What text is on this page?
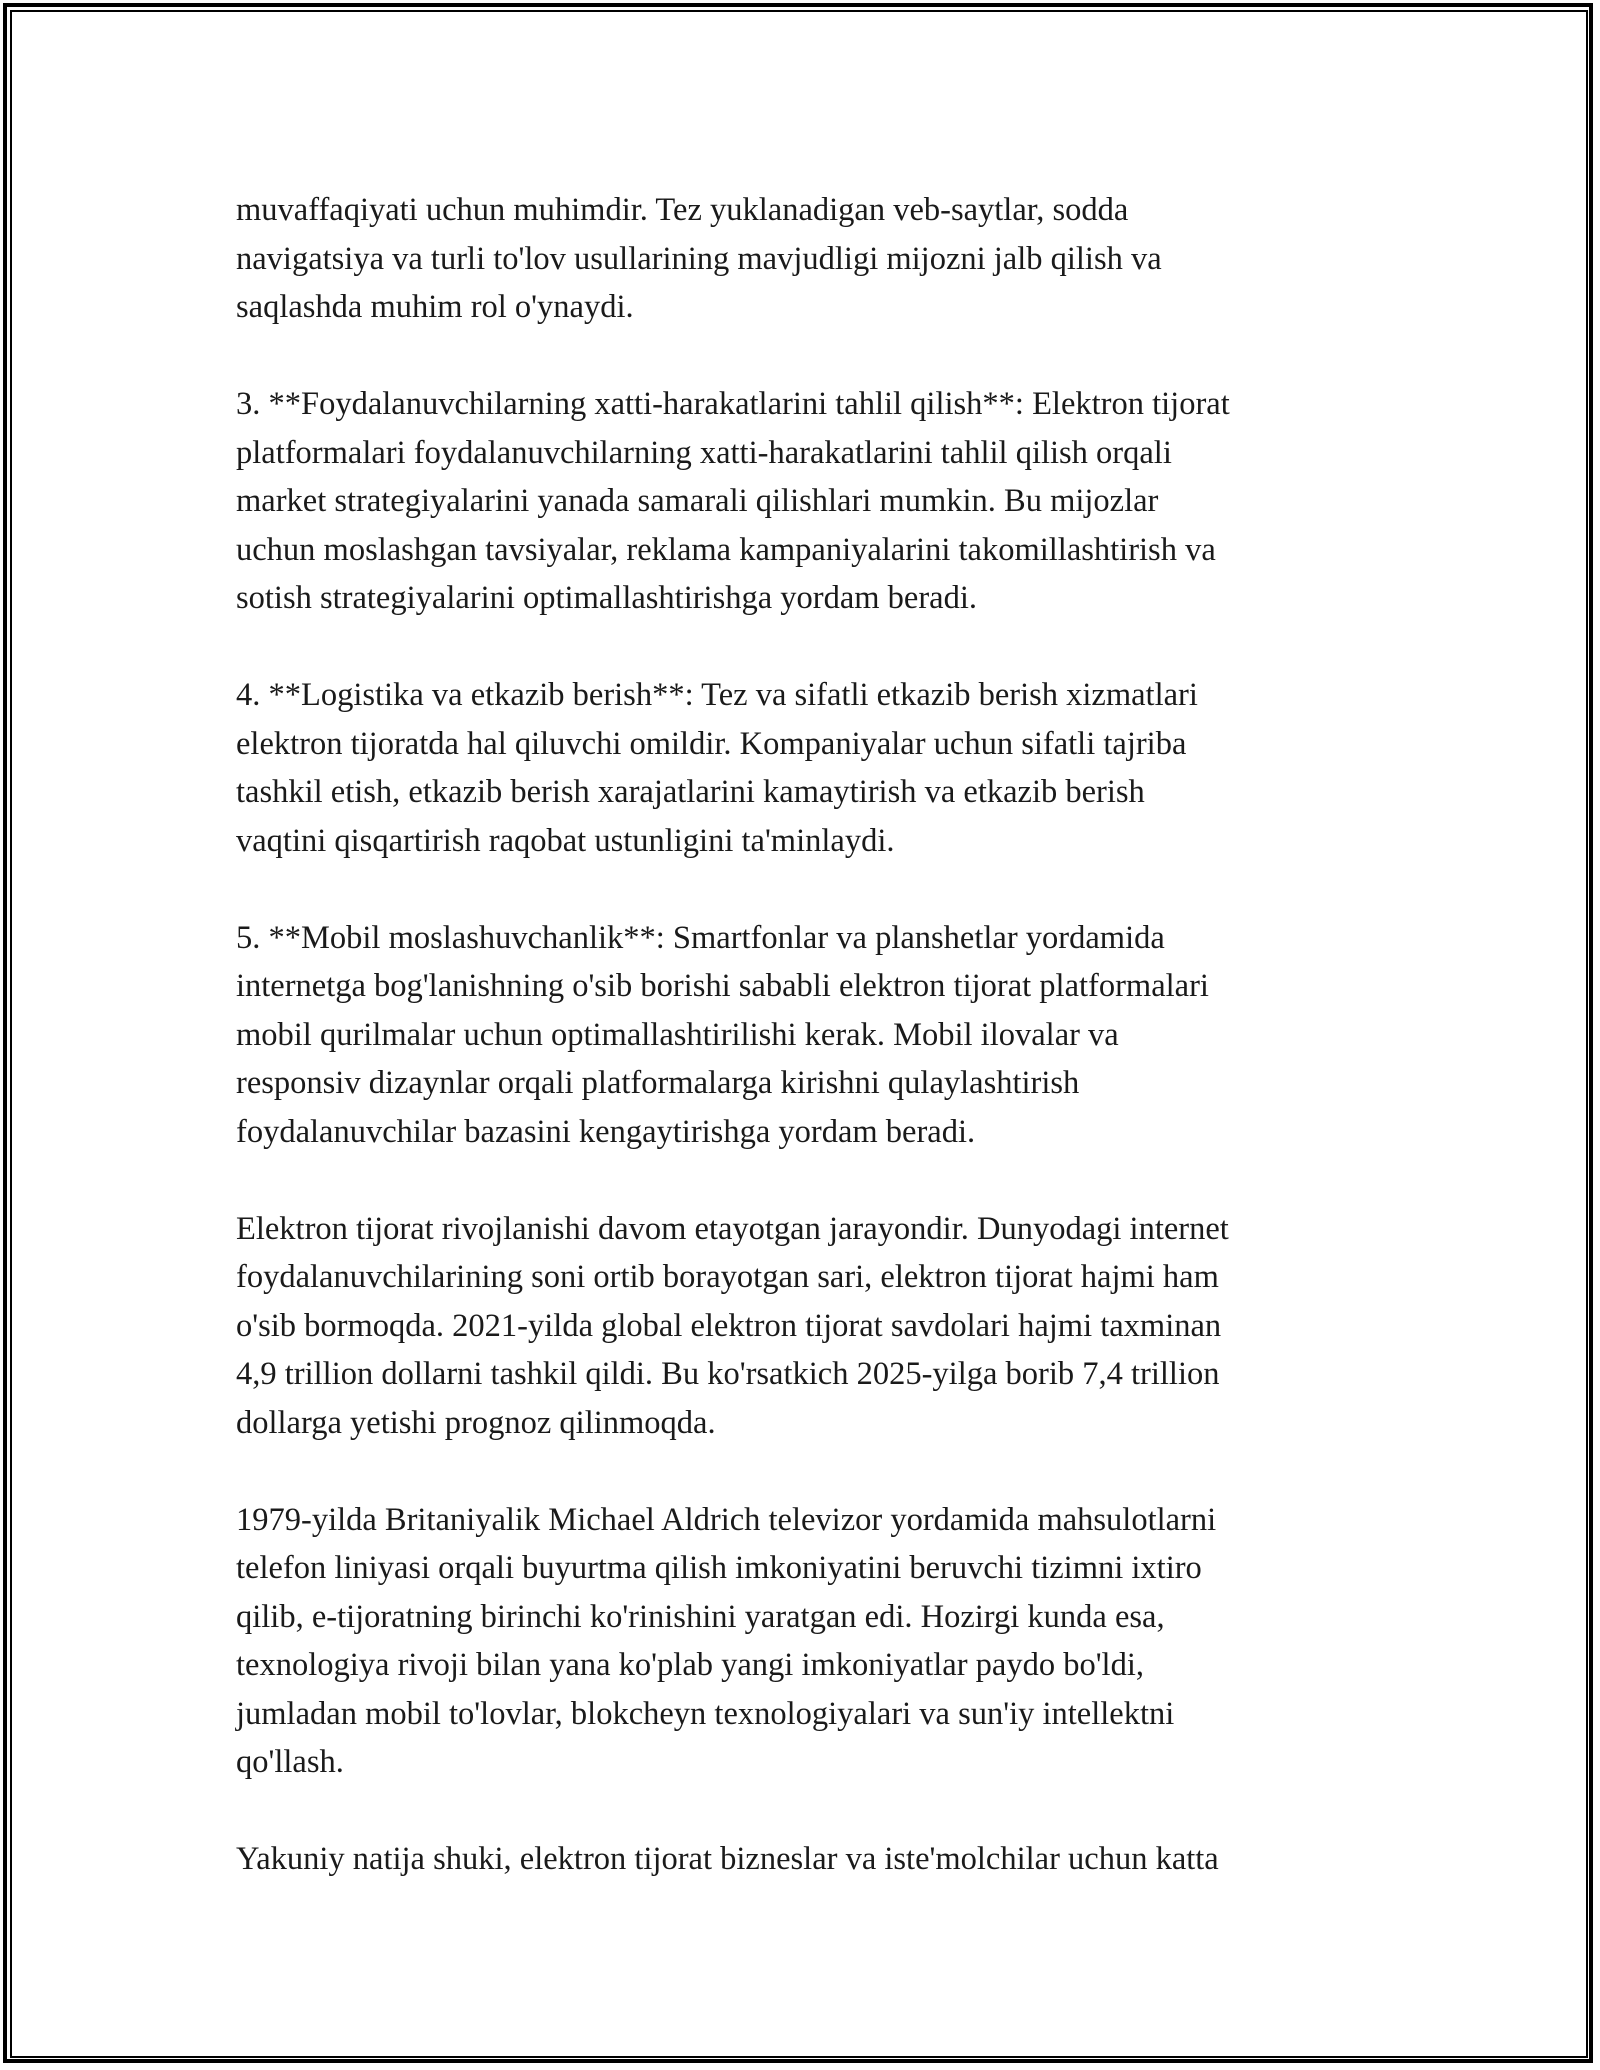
muvaffaqiyati uchun muhimdir. Tez yuklanadigan veb-saytlar, sodda
navigatsiya va turli to'lov usullarining mavjudligi mijozni jalb qilish va
saqlashda muhim rol o'ynaydi.

3. **Foydalanuvchilarning xatti-harakatlarini tahlil qilish**: Elektron tijorat
platformalari foydalanuvchilarning xatti-harakatlarini tahlil qilish orqali
market strategiyalarini yanada samarali qilishlari mumkin. Bu mijozlar
uchun moslashgan tavsiyalar, reklama kampaniyalarini takomillashtirish va
sotish strategiyalarini optimallashtirishga yordam beradi.

4. **Logistika va etkazib berish**: Tez va sifatli etkazib berish xizmatlari
elektron tijoratda hal qiluvchi omildir. Kompaniyalar uchun sifatli tajriba
tashkil etish, etkazib berish xarajatlarini kamaytirish va etkazib berish
vaqtini qisqartirish raqobat ustunligini ta'minlaydi.

5. **Mobil moslashuvchanlik**: Smartfonlar va planshetlar yordamida
internetga bog'lanishning o'sib borishi sababli elektron tijorat platformalari
mobil qurilmalar uchun optimallashtirilishi kerak. Mobil ilovalar va
responsiv dizaynlar orqali platformalarga kirishni qulaylashtirish
foydalanuvchilar bazasini kengaytirishga yordam beradi.

Elektron tijorat rivojlanishi davom etayotgan jarayondir. Dunyodagi internet
foydalanuvchilarining soni ortib borayotgan sari, elektron tijorat hajmi ham
o'sib bormoqda. 2021-yilda global elektron tijorat savdolari hajmi taxminan
4,9 trillion dollarni tashkil qildi. Bu ko'rsatkich 2025-yilga borib 7,4 trillion
dollarga yetishi prognoz qilinmoqda.

1979-yilda Britaniyalik Michael Aldrich televizor yordamida mahsulotlarni
telefon liniyasi orqali buyurtma qilish imkoniyatini beruvchi tizimni ixtiro
qilib, e-tijoratning birinchi ko'rinishini yaratgan edi. Hozirgi kunda esa,
texnologiya rivoji bilan yana ko'plab yangi imkoniyatlar paydo bo'ldi,
jumladan mobil to'lovlar, blokcheyn texnologiyalari va sun'iy intellektni
qo'llash.

Yakuniy natija shuki, elektron tijorat bizneslar va iste'molchilar uchun katta
